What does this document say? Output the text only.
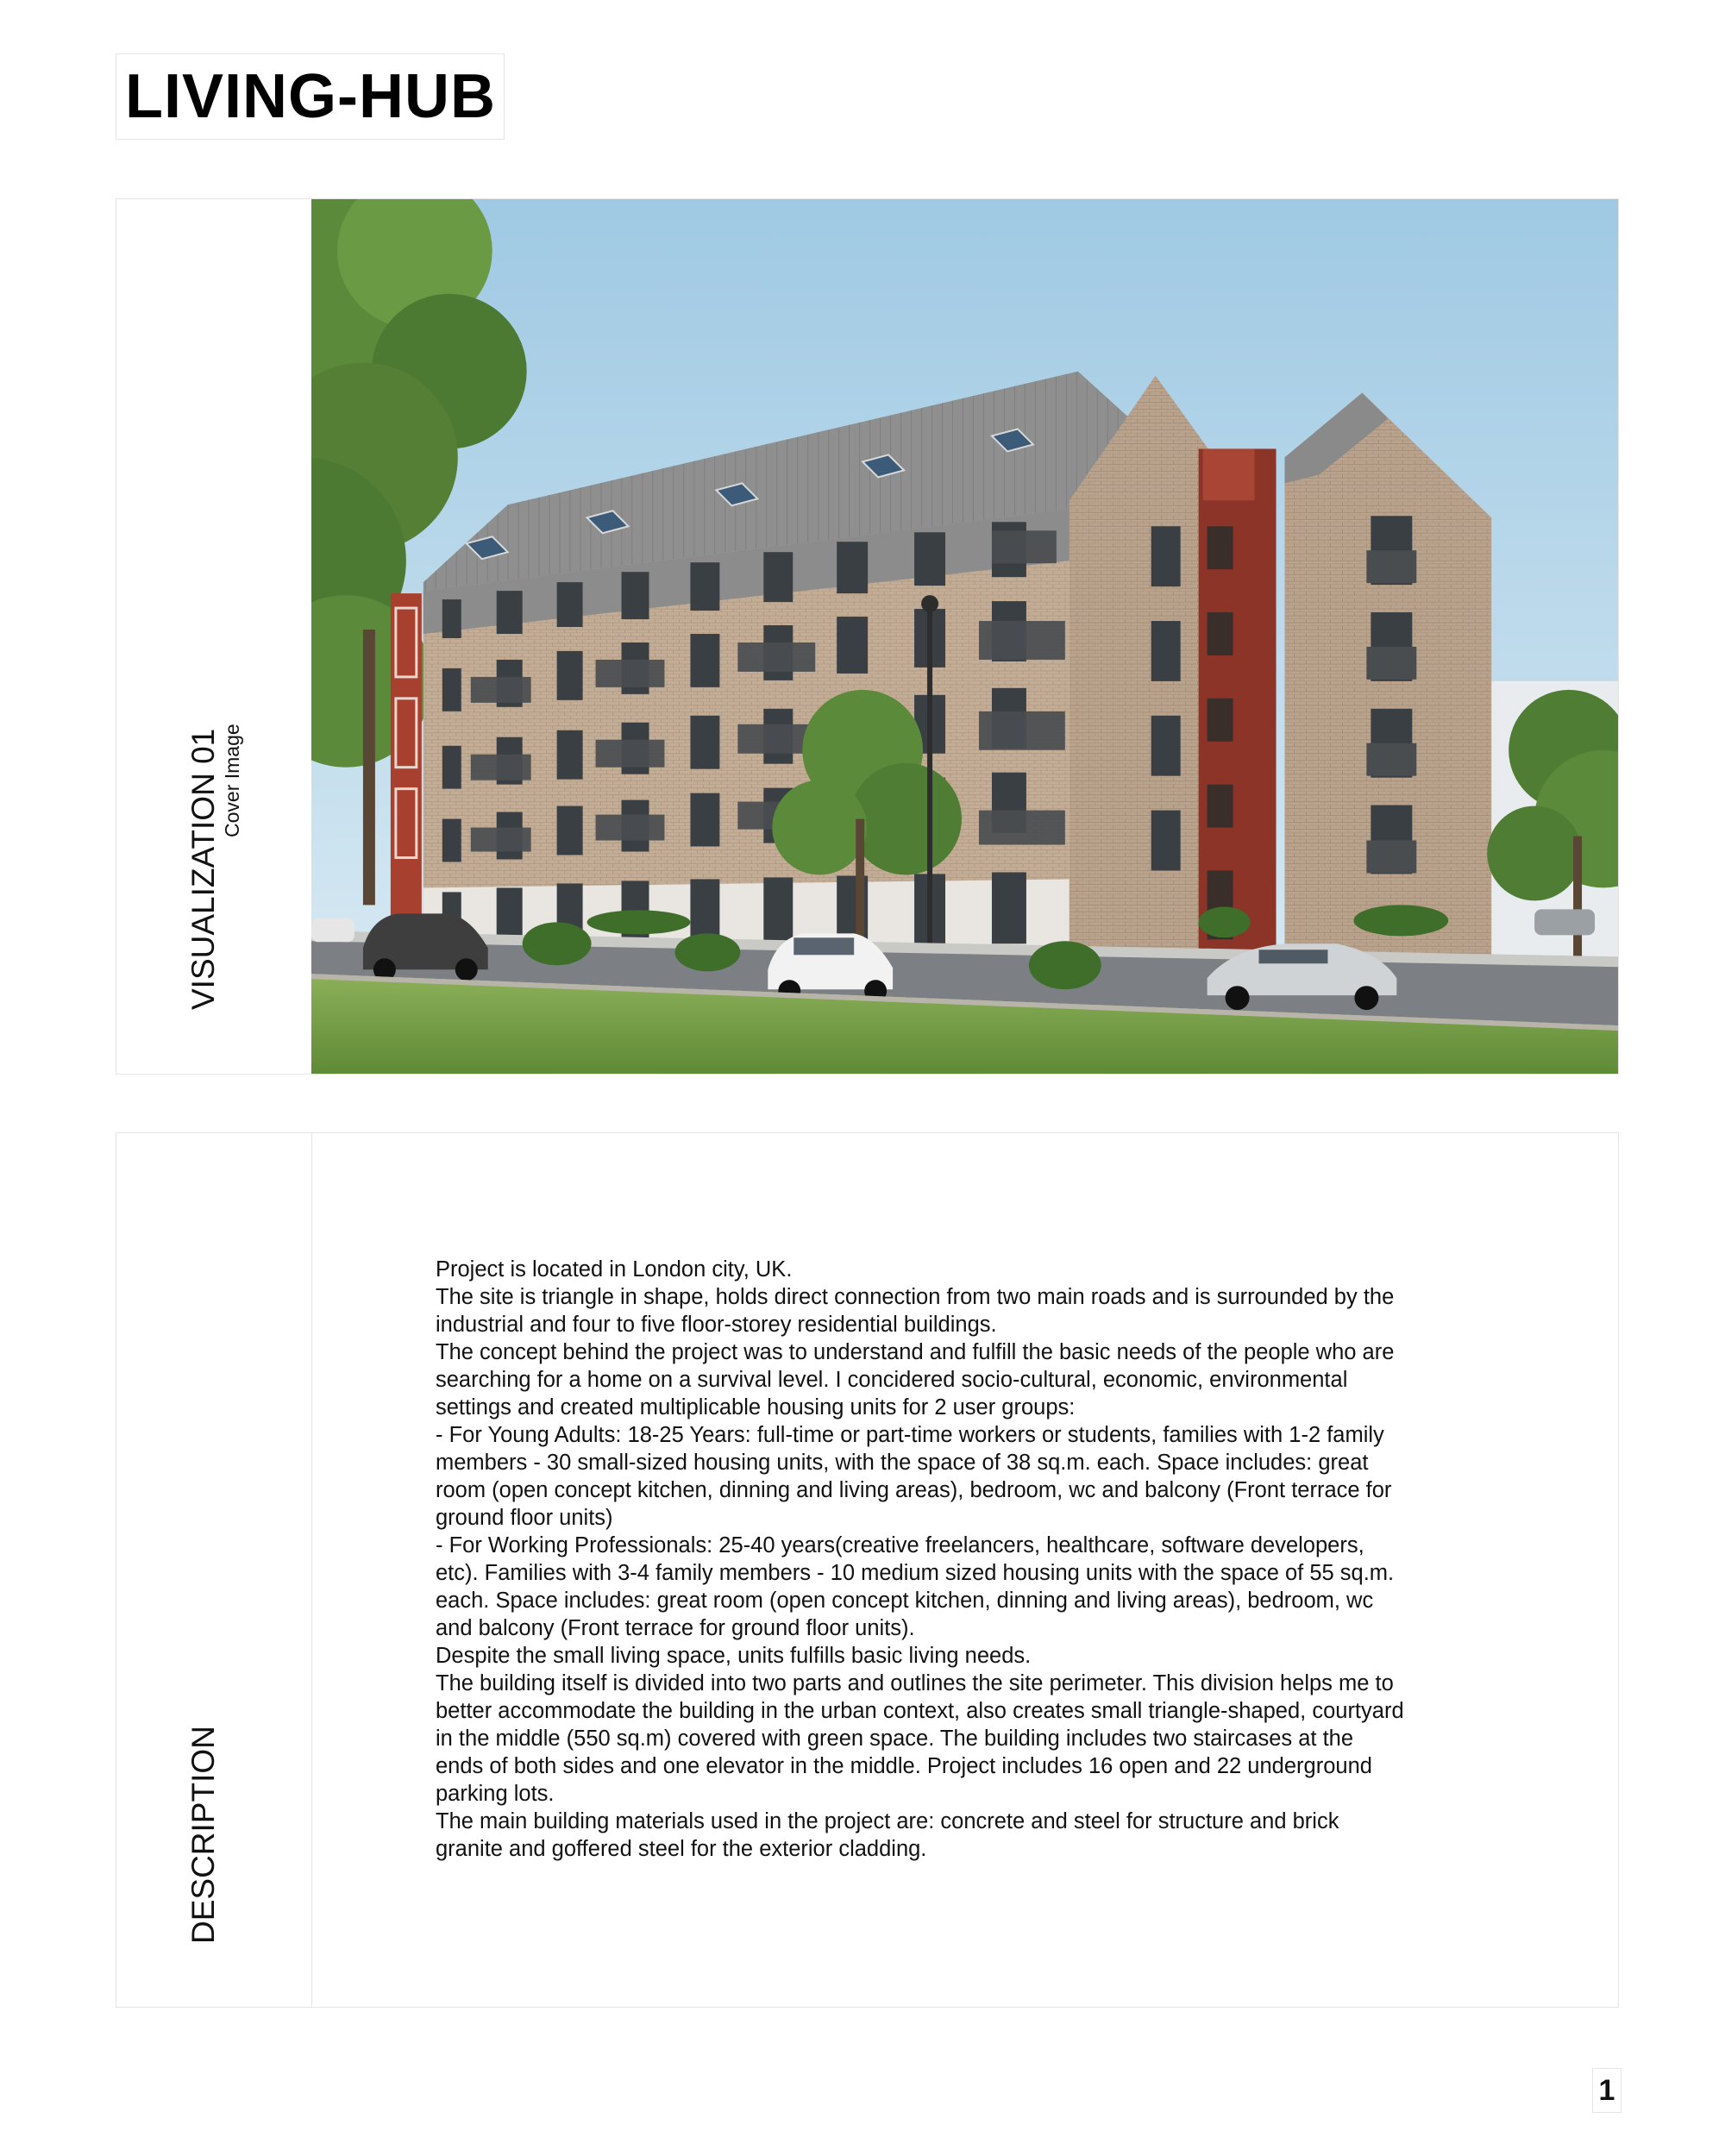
LIVING-HUB
VISUALIZATION 01 Cover Image
DESCRIPTION

Project is located in London city, UK.

The site is triangle in shape, holds direct connection from two main roads and is surrounded by the

industrial and four to five floor-storey residential buildings.

The concept behind the project was to understand and fulfill the basic needs of the people who are

searching for a home on a survival level. I concidered socio-cultural, economic, environmental

settings and created multiplicable housing units for 2 user groups:

- For Young Adults: 18-25 Years: full-time or part-time workers or students, families with 1-2 family

members - 30 small-sized housing units, with the space of 38 sq.m. each. Space includes: great

room (open concept kitchen, dinning and living areas), bedroom, wc and balcony (Front terrace for

ground floor units)

- For Working Professionals: 25-40 years(creative freelancers, healthcare, software developers,

etc). Families with 3-4 family members - 10 medium sized housing units with the space of 55 sq.m.

each. Space includes: great room (open concept kitchen, dinning and living areas), bedroom, wc

and balcony (Front terrace for ground floor units).

Despite the small living space, units fulfills basic living needs.

The building itself is divided into two parts and outlines the site perimeter. This division helps me to

better accommodate the building in the urban context, also creates small triangle-shaped, courtyard

in the middle (550 sq.m) covered with green space. The building includes two staircases at the

ends of both sides and one elevator in the middle. Project includes 16 open and 22 underground

parking lots.

The main building materials used in the project are: concrete and steel for structure and brick

granite and goffered steel for the exterior cladding.

1
